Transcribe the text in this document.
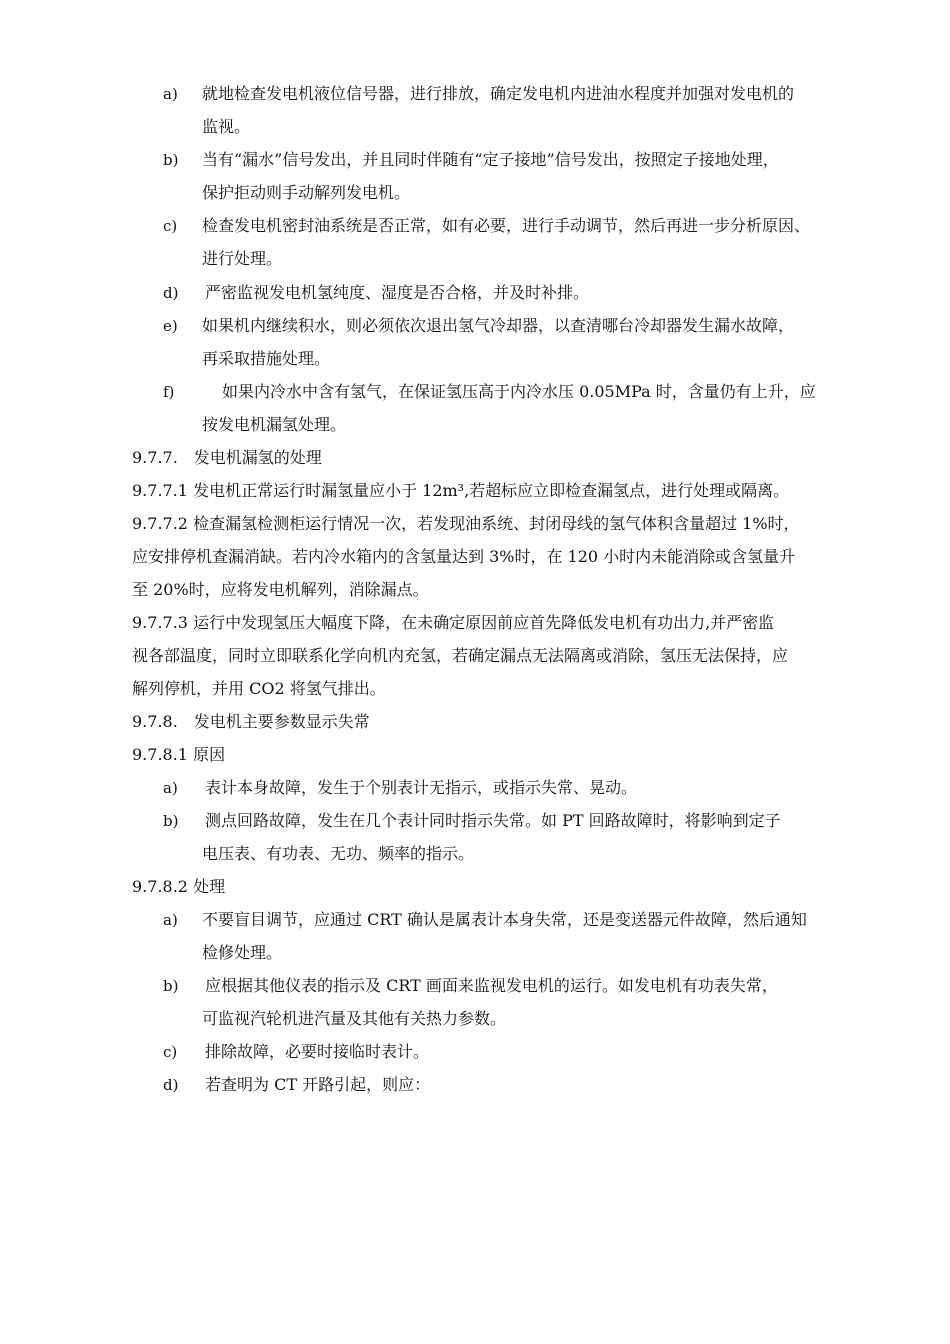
a) 就地检查发电机液位信号器，进行排放，确定发电机内进油水程度并加强对发电机的
监视。
b) 当有“漏水”信号发出，并且同时伴随有“定子接地”信号发出，按照定子接地处理，
保护拒动则手动解列发电机。
c) 检查发电机密封油系统是否正常，如有必要，进行手动调节，然后再进一步分析原因、
进行处理。
d) 严密监视发电机氢纯度、湿度是否合格，并及时补排。
e) 如果机内继续积水，则必须依次退出氢气冷却器，以查清哪台冷却器发生漏水故障，
再采取措施处理。
f)	如果内冷水中含有氢气，在保证氢压高于内冷水压 0.05MPa 时，含量仍有上升，应
按发电机漏氢处理。
9.7.7.　发电机漏氢的处理
9.7.7.1 发电机正常运行时漏氢量应小于 12m³,若超标应立即检查漏氢点，进行处理或隔离。
9.7.7.2 检查漏氢检测柜运行情况一次，若发现油系统、封闭母线的氢气体积含量超过 1%时，
应安排停机查漏消缺。若内冷水箱内的含氢量达到 3%时，在 120 小时内未能消除或含氢量升
至 20%时，应将发电机解列，消除漏点。
9.7.7.3 运行中发现氢压大幅度下降，在未确定原因前应首先降低发电机有功出力,并严密监
视各部温度，同时立即联系化学向机内充氢，若确定漏点无法隔离或消除，氢压无法保持，应
解列停机，并用 CO2 将氢气排出。
9.7.8.　发电机主要参数显示失常
9.7.8.1 原因
a) 表计本身故障，发生于个别表计无指示，或指示失常、晃动。
b) 测点回路故障，发生在几个表计同时指示失常。如 PT 回路故障时，将影响到定子
电压表、有功表、无功、频率的指示。
9.7.8.2 处理
a) 不要盲目调节，应通过 CRT 确认是属表计本身失常，还是变送器元件故障，然后通知
检修处理。
b) 应根据其他仪表的指示及 CRT 画面来监视发电机的运行。如发电机有功表失常，
可监视汽轮机进汽量及其他有关热力参数。
c) 排除故障，必要时接临时表计。
d) 若查明为 CT 开路引起，则应：
